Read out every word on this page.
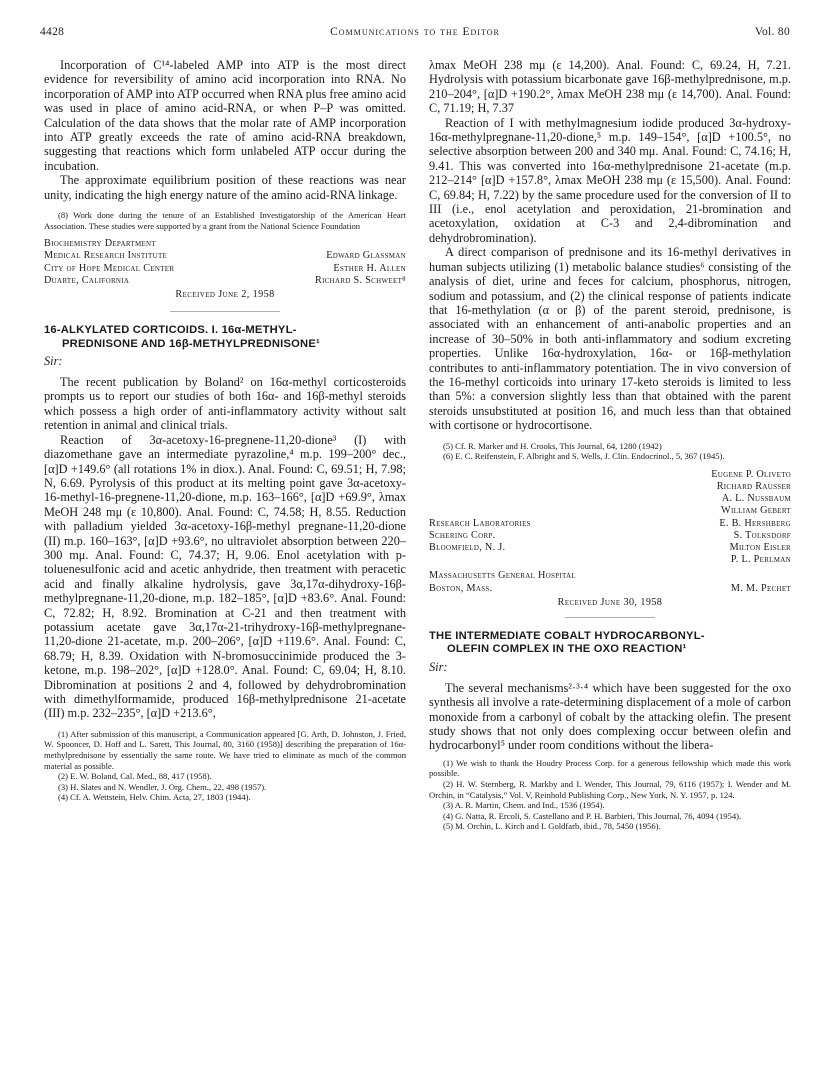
4428	Communications to the Editor	Vol. 80

Incorporation of C¹⁴-labeled AMP into ATP is the most direct evidence for reversibility of amino acid incorporation into RNA. No incorporation of AMP into ATP occurred when RNA plus free amino acid was used in place of amino acid-RNA, or when P–P was omitted. Calculation of the data shows that the molar rate of AMP incorporation into ATP greatly exceeds the rate of amino acid-RNA breakdown, suggesting that reactions which form unlabeled ATP occur during the incubation.

The approximate equilibrium position of these reactions was near unity, indicating the high energy nature of the amino acid-RNA linkage.

(8) Work done during the tenure of an Established Investigatorship of the American Heart Association. These studies were supported by a grant from the National Science Foundation

Biochemistry Department
Medical Research Institute	Edward Glassman
City of Hope Medical Center	Esther H. Allen
Duarte, California	Richard S. Schweet⁸
Received June 2, 1958
16-ALKYLATED CORTICOIDS. I. 16α-METHYL-
PREDNISONE AND 16β-METHYLPREDNISONE¹
Sir:

The recent publication by Boland² on 16α-methyl corticosteroids prompts us to report our studies of both 16α- and 16β-methyl steroids which possess a high order of anti-inflammatory activity without salt retention in animal and clinical trials.

Reaction of 3α-acetoxy-16-pregnene-11,20-dione³ (I) with diazomethane gave an intermediate pyrazoline,⁴ m.p. 199–200° dec., [α]D +149.6° (all rotations 1% in diox.). Anal. Found: C, 69.51; H, 7.98; N, 6.69. Pyrolysis of this product at its melting point gave 3α-acetoxy-16-methyl-16-pregnene-11,20-dione, m.p. 163–166°, [α]D +69.9°, λmax MeOH 248 mμ (ε 10,800). Anal. Found: C, 74.58; H, 8.55. Reduction with palladium yielded 3α-acetoxy-16β-methyl pregnane-11,20-dione (II) m.p. 160–163°, [α]D +93.6°, no ultraviolet absorption between 220–300 mμ. Anal. Found: C, 74.37; H, 9.06. Enol acetylation with p-toluenesulfonic acid and acetic anhydride, then treatment with peracetic acid and finally alkaline hydrolysis, gave 3α,17α-dihydroxy-16β-methylpregnane-11,20-dione, m.p. 182–185°, [α]D +83.6°. Anal. Found: C, 72.82; H, 8.92. Bromination at C-21 and then treatment with potassium acetate gave 3α,17α-21-trihydroxy-16β-methylpregnane-11,20-dione 21-acetate, m.p. 200–206°, [α]D +119.6°. Anal. Found: C, 68.79; H, 8.39. Oxidation with N-bromosuccinimide produced the 3-ketone, m.p. 198–202°, [α]D +128.0°. Anal. Found: C, 69.04; H, 8.10. Dibromination at positions 2 and 4, followed by dehydrobromination with dimethylformamide, produced 16β-methylprednisone 21-acetate (III) m.p. 232–235°, [α]D +213.6°,

(1) After submission of this manuscript, a Communication appeared [G. Arth, D. Johnston, J. Fried, W. Spooncer, D. Hoff and L. Sarett, This Journal, 80, 3160 (1958)] describing the preparation of 16α-methylprednisone by essentially the same route. We have tried to eliminate as much of the common material as possible.

(2) E. W. Boland, Cal. Med., 88, 417 (1958).

(3) H. Slates and N. Wendler, J. Org. Chem., 22, 498 (1957).

(4) Cf. A. Wettstein, Helv. Chim. Acta, 27, 1803 (1944).

λmax MeOH 238 mμ (ε 14,200). Anal. Found: C, 69.24, H, 7.21. Hydrolysis with potassium bicarbonate gave 16β-methylprednisone, m.p. 210–204°, [α]D +190.2°, λmax MeOH 238 mμ (ε 14,700). Anal. Found: C, 71.19; H, 7.37

Reaction of I with methylmagnesium iodide produced 3α-hydroxy-16α-methylpregnane-11,20-dione,⁵ m.p. 149–154°, [α]D +100.5°, no selective absorption between 200 and 340 mμ. Anal. Found: C, 74.16; H, 9.41. This was converted into 16α-methylprednisone 21-acetate (m.p. 212–214° [α]D +157.8°, λmax MeOH 238 mμ (ε 15,500). Anal. Found: C, 69.84; H, 7.22) by the same procedure used for the conversion of II to III (i.e., enol acetylation and peroxidation, 21-bromination and acetoxylation, oxidation at C-3 and 2,4-dibromination and dehydrobromination).

A direct comparison of prednisone and its 16-methyl derivatives in human subjects utilizing (1) metabolic balance studies⁶ consisting of the analysis of diet, urine and feces for calcium, phosphorus, nitrogen, sodium and potassium, and (2) the clinical response of patients indicate that 16-methylation (α or β) of the parent steroid, prednisone, is associated with an enhancement of anti-anabolic properties and an increase of 30–50% in both anti-inflammatory and sodium excreting properties. Unlike 16α-hydroxylation, 16α- or 16β-methylation contributes to anti-inflammatory potentiation. The in vivo conversion of the 16-methyl corticoids into urinary 17-keto steroids is limited to less than 5%: a conversion slightly less than that obtained with the parent steroids unsubstituted at position 16, and much less than that obtained with cortisone or hydrocortisone.

(5) Cf. R. Marker and H. Crooks, This Journal, 64, 1280 (1942)

(6) E. C. Reifenstein, F. Albright and S. Wells, J. Clin. Endocrinol., 5, 367 (1945).

Eugene P. Oliveto
Richard Rausser
A. L. Nussbaum
William Gebert
Research Laboratories
Schering Corp.
Bloomfield, N. J.
E. B. Hershberg
S. Tolksdorf
Milton Eisler
P. L. Perlman
Massachusetts General Hospital
Boston, Mass.	M. M. Pechet
Received June 30, 1958
THE INTERMEDIATE COBALT HYDROCARBONYL-
OLEFIN COMPLEX IN THE OXO REACTION¹
Sir:

The several mechanisms²·³·⁴ which have been suggested for the oxo synthesis all involve a rate-determining displacement of a mole of carbon monoxide from a carbonyl of cobalt by the attacking olefin. The present study shows that not only does complexing occur between olefin and hydrocarbonyl⁵ under room conditions without the libera-

(1) We wish to thank the Houdry Process Corp. for a generous fellowship which made this work possible.

(2) H. W. Sternberg, R. Markby and I. Wender, This Journal, 79, 6116 (1957); I. Wender and M. Orchin, in “Catalysis,” Vol. V, Reinhold Publishing Corp., New York, N. Y. 1957, p. 124.

(3) A. R. Martin, Chem. and Ind., 1536 (1954).

(4) G. Natta, R. Ercoli, S. Castellano and P. H. Barbieri, This Journal, 76, 4094 (1954).

(5) M. Orchin, L. Kirch and I. Goldfarb, ibid., 78, 5450 (1956).
